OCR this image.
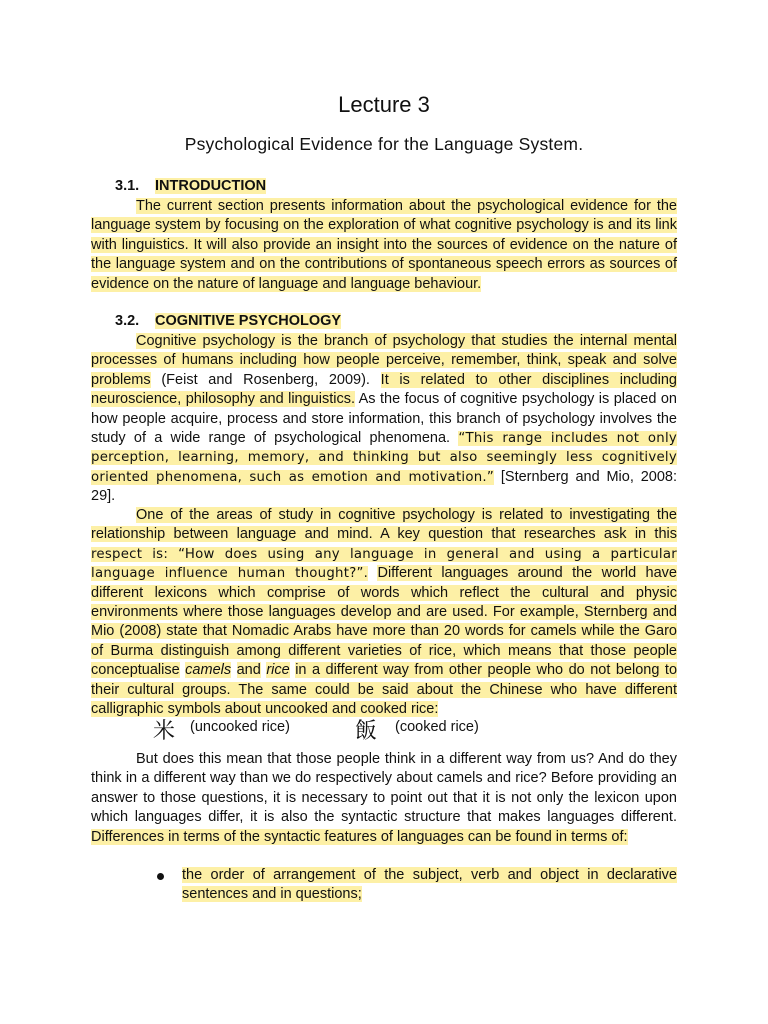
Lecture 3
Psychological Evidence for the Language System.
3.1. INTRODUCTION

The current section presents information about the psychological evidence for the language system by focusing on the exploration of what cognitive psychology is and its link with linguistics. It will also provide an insight into the sources of evidence on the nature of the language system and on the contributions of spontaneous speech errors as sources of evidence on the nature of language and language behaviour.

3.2. COGNITIVE PSYCHOLOGY

Cognitive psychology is the branch of psychology that studies the internal mental processes of humans including how people perceive, remember, think, speak and solve problems (Feist and Rosenberg, 2009). It is related to other disciplines including neuroscience, philosophy and linguistics. As the focus of cognitive psychology is placed on how people acquire, process and store information, this branch of psychology involves the study of a wide range of psychological phenomena. “This range includes not only perception, learning, memory, and thinking but also seemingly less cognitively oriented phenomena, such as emotion and motivation.” [Sternberg and Mio, 2008: 29].

One of the areas of study in cognitive psychology is related to investigating the relationship between language and mind. A key question that researches ask in this respect is: “How does using any language in general and using a particular language influence human thought?”. Different languages around the world have different lexicons which comprise of words which reflect the cultural and physic environments where those languages develop and are used. For example, Sternberg and Mio (2008) state that Nomadic Arabs have more than 20 words for camels while the Garo of Burma distinguish among different varieties of rice, which means that those people conceptualise camels and rice in a different way from other people who do not belong to their cultural groups. The same could be said about the Chinese who have different calligraphic symbols about uncooked and cooked rice:

米 (uncooked rice)	飯 (cooked rice)

But does this mean that those people think in a different way from us? And do they think in a different way than we do respectively about camels and rice? Before providing an answer to those questions, it is necessary to point out that it is not only the lexicon upon which languages differ, it is also the syntactic structure that makes languages different. Differences in terms of the syntactic features of languages can be found in terms of:

the order of arrangement of the subject, verb and object in declarative sentences and in questions;
